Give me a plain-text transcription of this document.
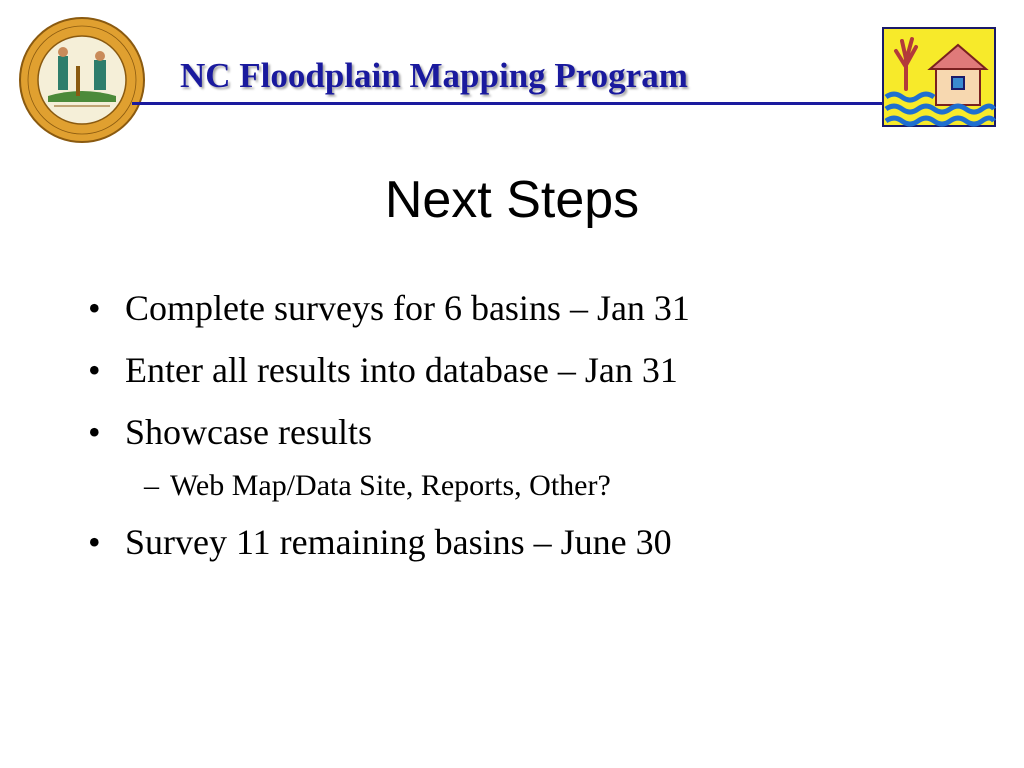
NC Floodplain Mapping Program
Next Steps
• Complete surveys for 6 basins – Jan 31
• Enter all results into database – Jan 31
• Showcase results
– Web Map/Data Site, Reports, Other?
• Survey 11 remaining basins – June 30
